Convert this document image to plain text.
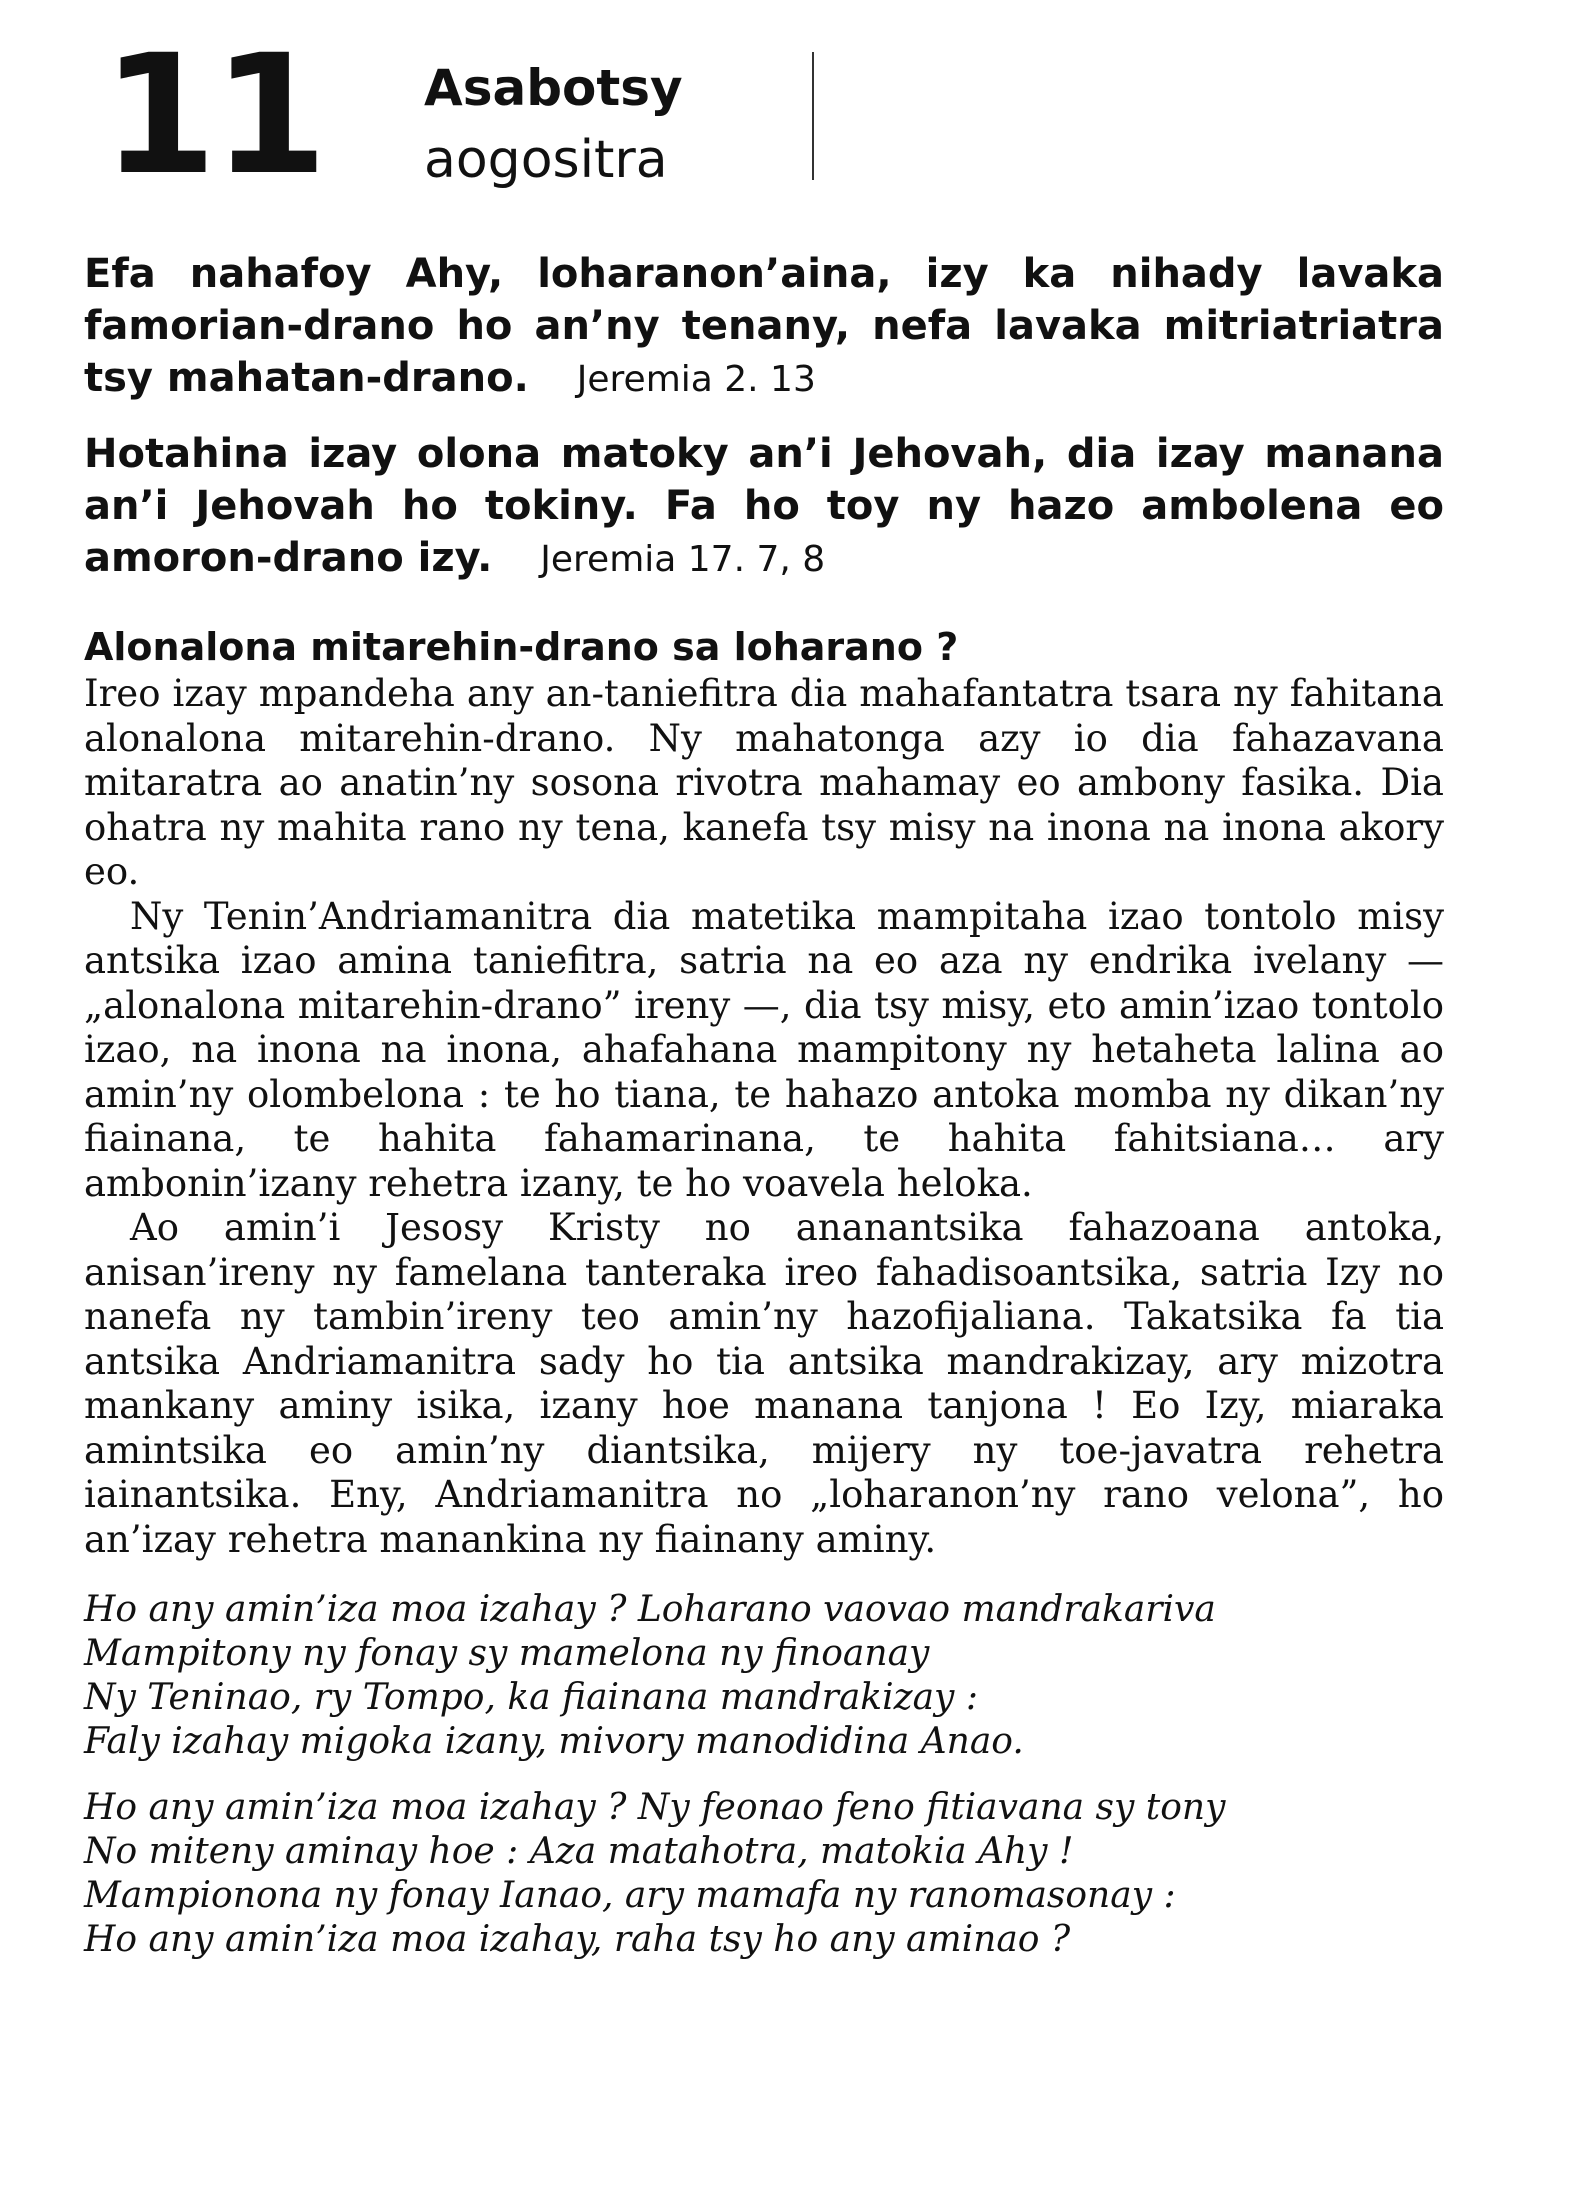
11 Asabotsy
aogositra

Efa nahafoy Ahy, loharanon’aina, izy ka nihady lavaka famorian-drano ho an’ny tenany, nefa lavaka mitriatriatra tsy mahatan-drano. Jeremia 2. 13

Hotahina izay olona matoky an’i Jehovah, dia izay manana an’i Jehovah ho tokiny. Fa ho toy ny hazo ambolena eo amoron-drano izy. Jeremia 17. 7, 8

Alonalona mitarehin-drano sa loharano ?

Ireo izay mpandeha any an-taniefitra dia mahafantatra tsara ny fahitana alonalona mitarehin-drano. Ny mahatonga azy io dia fahazavana mitaratra ao anatin’ny sosona rivotra mahamay eo ambony fasika. Dia ohatra ny mahita rano ny tena, kanefa tsy misy na inona na inona akory eo.

Ny Tenin’Andriamanitra dia matetika mampitaha izao tontolo misy antsika izao amina taniefitra, satria na eo aza ny endrika ivelany — „alonalona mitarehin-drano” ireny —, dia tsy misy, eto amin’izao tontolo izao, na inona na inona, ahafahana mampitony ny hetaheta lalina ao amin’ny olombelona : te ho tiana, te hahazo antoka momba ny dikan’ny fiainana, te hahita fahamarinana, te hahita fahitsiana… ary ambonin’izany rehetra izany, te ho voavela heloka.

Ao amin’i Jesosy Kristy no ananantsika fahazoana antoka, anisan’ireny ny famelana tanteraka ireo fahadisoantsika, satria Izy no nanefa ny tambin’ireny teo amin’ny hazofijaliana. Takatsika fa tia antsika Andriamanitra sady ho tia antsika mandrakizay, ary mizotra mankany aminy isika, izany hoe manana tanjona ! Eo Izy, miaraka amintsika eo amin’ny diantsika, mijery ny toe-javatra rehetra iainantsika. Eny, Andriamanitra no „loharanon’ny rano velona”, ho an’izay rehetra manankina ny fiainany aminy.

Ho any amin’iza moa izahay ? Loharano vaovao mandrakariva
Mampitony ny fonay sy mamelona ny finoanay
Ny Teninao, ry Tompo, ka fiainana mandrakizay :
Faly izahay migoka izany, mivory manodidina Anao.
Ho any amin’iza moa izahay ? Ny feonao feno fitiavana sy tony
No miteny aminay hoe : Aza matahotra, matokia Ahy !
Mampionona ny fonay Ianao, ary mamafa ny ranomasonay :
Ho any amin’iza moa izahay, raha tsy ho any aminao ?
